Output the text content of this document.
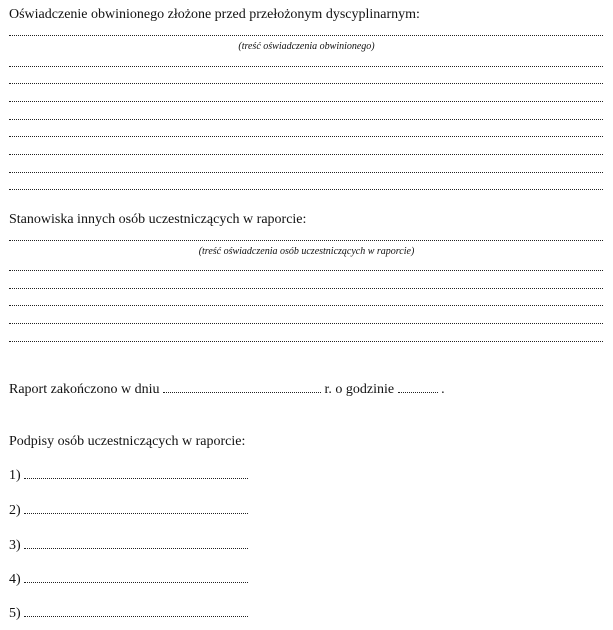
Oświadczenie obwinionego złożone przed przełożonym dyscyplinarnym:
(treść oświadczenia obwinionego)
Stanowiska innych osób uczestniczących w raporcie:
(treść oświadczenia osób uczestniczących w raporcie)
Raport zakończono w dniu	r. o godzinie	.
Podpisy osób uczestniczących w raporcie:
1)
2)
3)
4)
5)
